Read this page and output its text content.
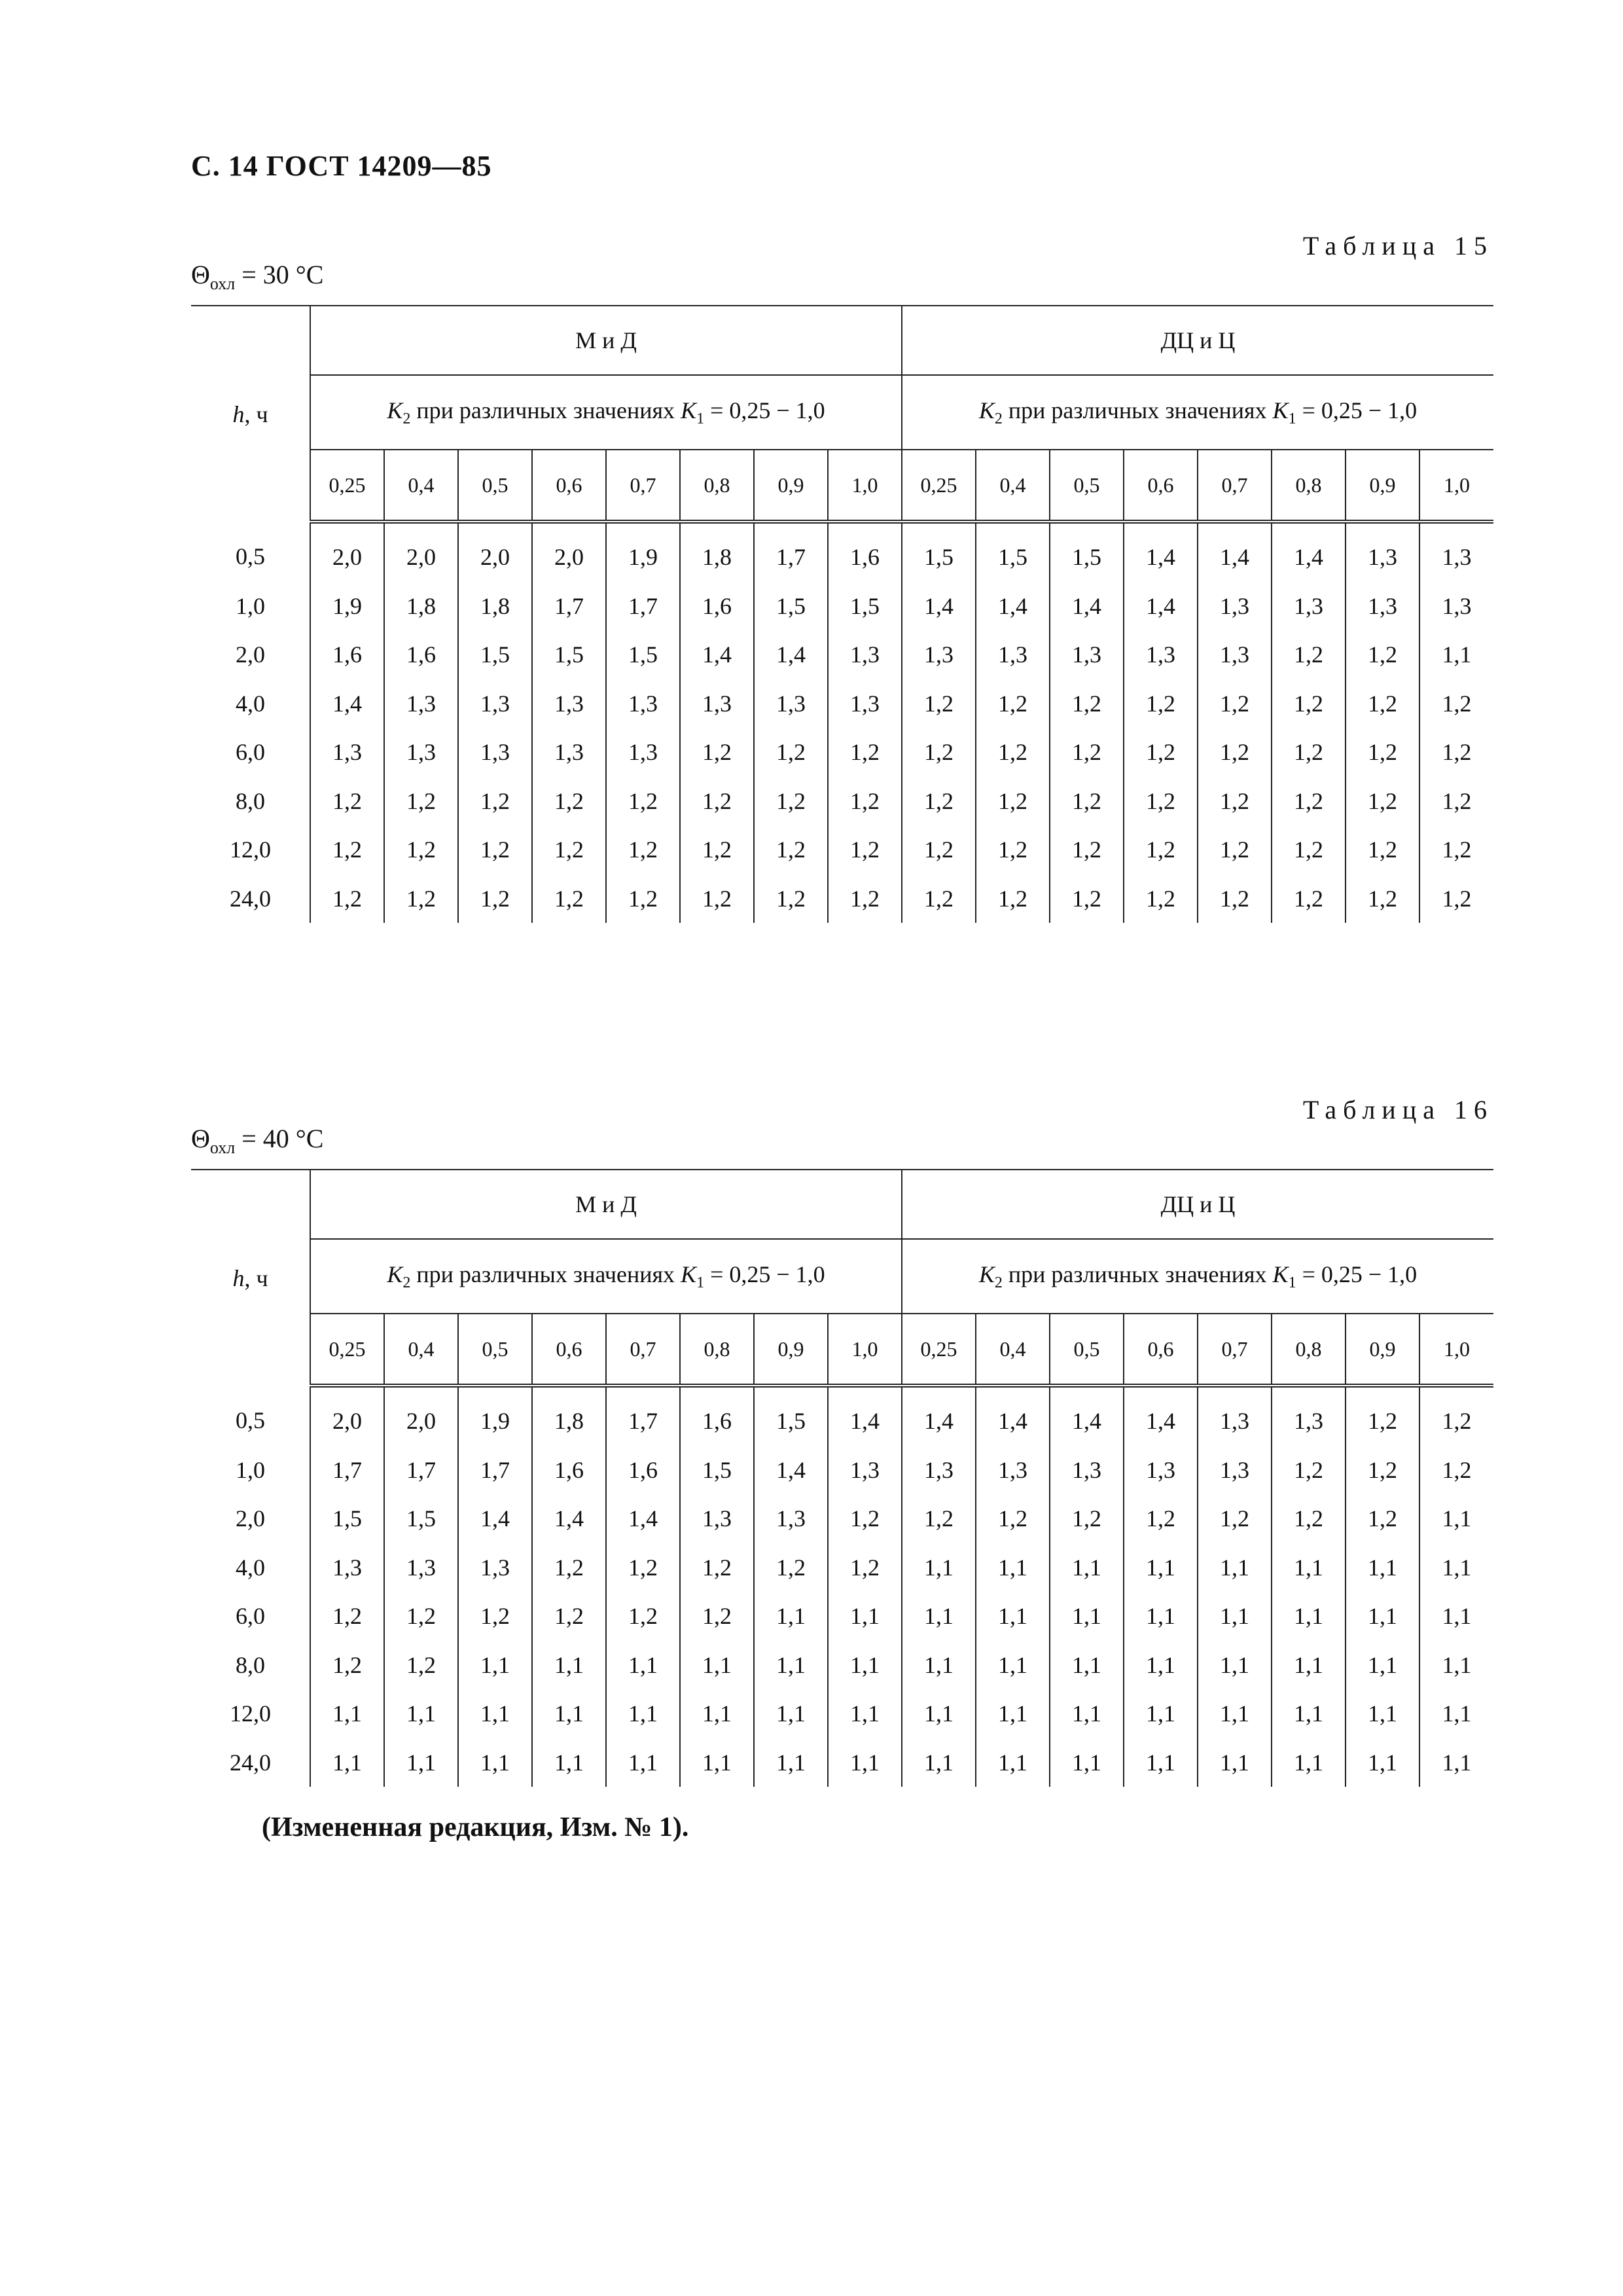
С. 14 ГОСТ 14209—85
Таблица 15
$\Theta_{охл} = 30$ °С
h, ч	М и Д								ДЦ и Ц							
	$K_2$ при различных значениях $K_1 = 0,25 - 1,0$								$K_2$ при различных значениях $K_1 = 0,25 - 1,0$							
	0,25	0,4	0,5	0,6	0,7	0,8	0,9	1,0	0,25	0,4	0,5	0,6	0,7	0,8	0,9	1,0
0,5	2,0	2,0	2,0	2,0	1,9	1,8	1,7	1,6	1,5	1,5	1,5	1,4	1,4	1,4	1,3	1,3
1,0	1,9	1,8	1,8	1,7	1,7	1,6	1,5	1,5	1,4	1,4	1,4	1,4	1,3	1,3	1,3	1,3
2,0	1,6	1,6	1,5	1,5	1,5	1,4	1,4	1,3	1,3	1,3	1,3	1,3	1,3	1,2	1,2	1,1
4,0	1,4	1,3	1,3	1,3	1,3	1,3	1,3	1,3	1,2	1,2	1,2	1,2	1,2	1,2	1,2	1,2
6,0	1,3	1,3	1,3	1,3	1,3	1,2	1,2	1,2	1,2	1,2	1,2	1,2	1,2	1,2	1,2	1,2
8,0	1,2	1,2	1,2	1,2	1,2	1,2	1,2	1,2	1,2	1,2	1,2	1,2	1,2	1,2	1,2	1,2
12,0	1,2	1,2	1,2	1,2	1,2	1,2	1,2	1,2	1,2	1,2	1,2	1,2	1,2	1,2	1,2	1,2
24,0	1,2	1,2	1,2	1,2	1,2	1,2	1,2	1,2	1,2	1,2	1,2	1,2	1,2	1,2	1,2	1,2
Таблица 16
$\Theta_{охл} = 40$ °С
h, ч	М и Д								ДЦ и Ц							
	$K_2$ при различных значениях $K_1 = 0,25 - 1,0$								$K_2$ при различных значениях $K_1 = 0,25 - 1,0$							
	0,25	0,4	0,5	0,6	0,7	0,8	0,9	1,0	0,25	0,4	0,5	0,6	0,7	0,8	0,9	1,0
0,5	2,0	2,0	1,9	1,8	1,7	1,6	1,5	1,4	1,4	1,4	1,4	1,4	1,3	1,3	1,2	1,2
1,0	1,7	1,7	1,7	1,6	1,6	1,5	1,4	1,3	1,3	1,3	1,3	1,3	1,3	1,2	1,2	1,2
2,0	1,5	1,5	1,4	1,4	1,4	1,3	1,3	1,2	1,2	1,2	1,2	1,2	1,2	1,2	1,2	1,1
4,0	1,3	1,3	1,3	1,2	1,2	1,2	1,2	1,2	1,1	1,1	1,1	1,1	1,1	1,1	1,1	1,1
6,0	1,2	1,2	1,2	1,2	1,2	1,2	1,1	1,1	1,1	1,1	1,1	1,1	1,1	1,1	1,1	1,1
8,0	1,2	1,2	1,1	1,1	1,1	1,1	1,1	1,1	1,1	1,1	1,1	1,1	1,1	1,1	1,1	1,1
12,0	1,1	1,1	1,1	1,1	1,1	1,1	1,1	1,1	1,1	1,1	1,1	1,1	1,1	1,1	1,1	1,1
24,0	1,1	1,1	1,1	1,1	1,1	1,1	1,1	1,1	1,1	1,1	1,1	1,1	1,1	1,1	1,1	1,1
(Измененная редакция, Изм. № 1).
